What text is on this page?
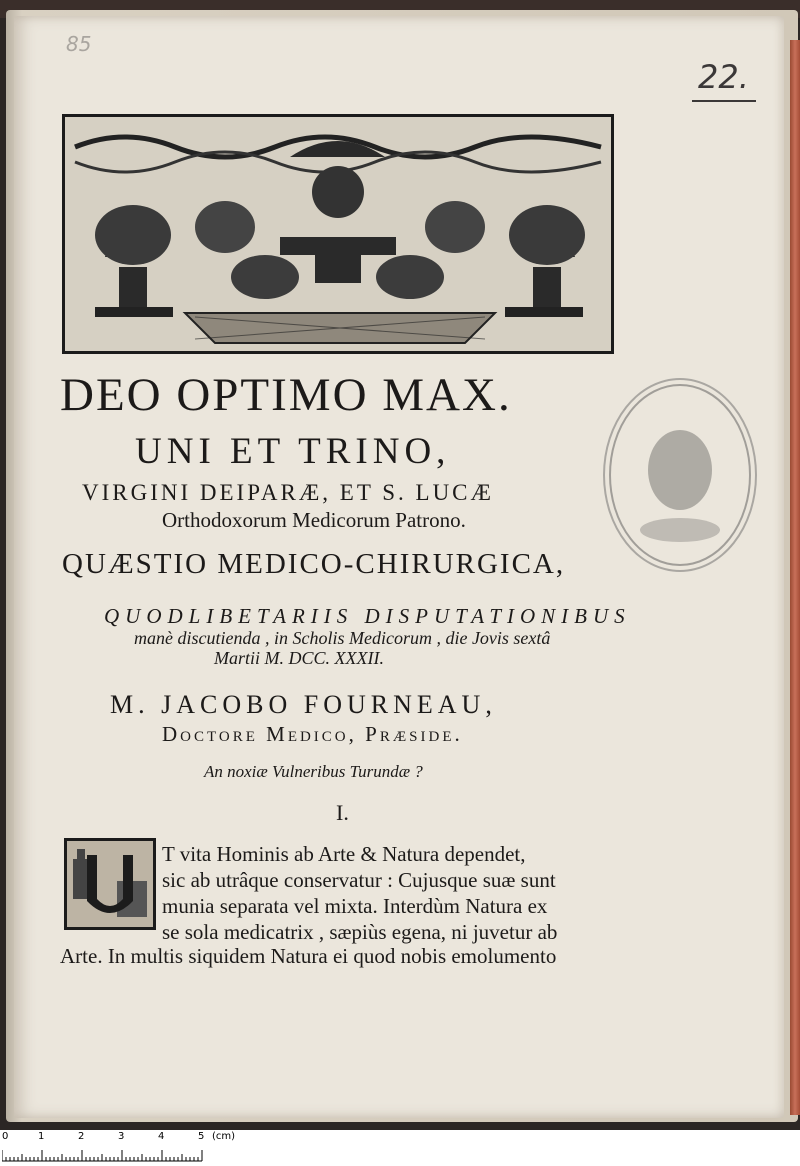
85
22.
DEO OPTIMO MAX.
UNI ET TRINO,
VIRGINI DEIPARÆ, ET S. LUCÆ
Orthodoxorum Medicorum Patrono.
QUÆSTIO MEDICO-CHIRURGICA,
QUODLIBETARIIS DISPUTATIONIBUS
manè discutienda , in Scholis Medicorum , die Jovis sextâ
Martii M. DCC. XXXII.
M. JACOBO FOURNEAU,
Doctore Medico, Præside.
An noxiæ Vulneribus Turundæ ?
I.
T vita Hominis ab Arte & Natura dependet,
sic ab utrâque conservatur : Cujusque suæ sunt
munia separata vel mixta. Interdùm Natura ex
se sola medicatrix , sæpiùs egena, ni juvetur ab
Arte. In multis siquidem Natura ei quod nobis emolumento
0	1	2	3	4	5 (cm)
